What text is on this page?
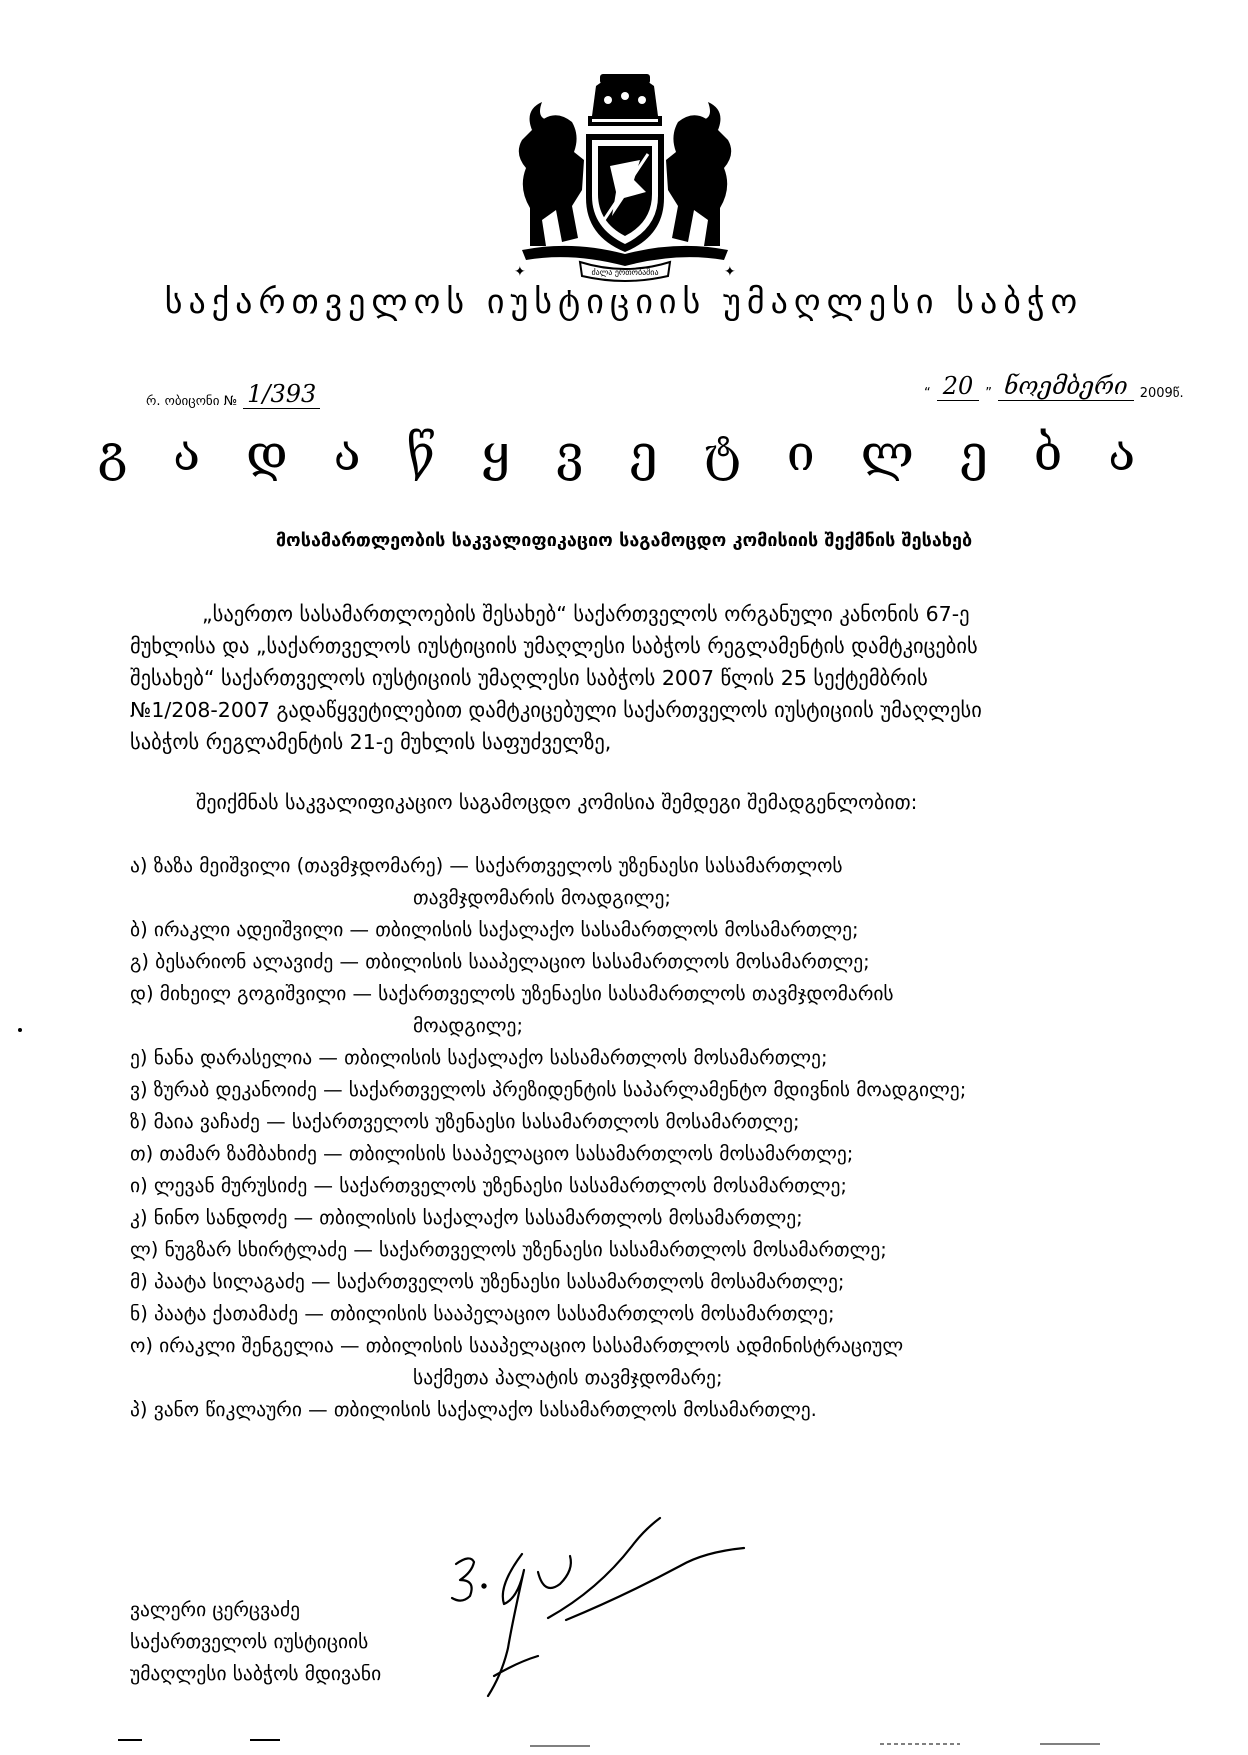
ძალა ერთობაშია
✦	✦
საქართველოს იუსტიციის უმაღლესი საბჭო
რ. ობიცონი № 1/393	“ 20 ” ნოემბერი 2009წ.
გ ა დ ა წ ყ ვ ე ტ ი ლ ე ბ ა
მოსამართლეობის საკვალიფიკაციო საგამოცდო კომისიის შექმნის შესახებ
„საერთო სასამართლოების შესახებ“ საქართველოს ორგანული კანონის 67-ე
მუხლისა და „საქართველოს იუსტიციის უმაღლესი საბჭოს რეგლამენტის დამტკიცების
შესახებ“ საქართველოს იუსტიციის უმაღლესი საბჭოს 2007 წლის 25 სექტემბრის
№1/208-2007 გადაწყვეტილებით დამტკიცებული საქართველოს იუსტიციის უმაღლესი
საბჭოს რეგლამენტის 21-ე მუხლის საფუძველზე,
შეიქმნას საკვალიფიკაციო საგამოცდო კომისია შემდეგი შემადგენლობით:
ა) ზაზა მეიშვილი (თავმჯდომარე) — საქართველოს უზენაესი სასამართლოს
თავმჯდომარის მოადგილე;
ბ) ირაკლი ადეიშვილი — თბილისის საქალაქო სასამართლოს მოსამართლე;
გ) ბესარიონ ალავიძე — თბილისის სააპელაციო სასამართლოს მოსამართლე;
დ) მიხეილ გოგიშვილი — საქართველოს უზენაესი სასამართლოს თავმჯდომარის
მოადგილე;
ე) ნანა დარასელია — თბილისის საქალაქო სასამართლოს მოსამართლე;
ვ) ზურაბ დეკანოიძე — საქართველოს პრეზიდენტის საპარლამენტო მდივნის მოადგილე;
ზ) მაია ვაჩაძე — საქართველოს უზენაესი სასამართლოს მოსამართლე;
თ) თამარ ზამბახიძე — თბილისის სააპელაციო სასამართლოს მოსამართლე;
ი) ლევან მურუსიძე — საქართველოს უზენაესი სასამართლოს მოსამართლე;
კ) ნინო სანდოძე — თბილისის საქალაქო სასამართლოს მოსამართლე;
ლ) ნუგზარ სხირტლაძე — საქართველოს უზენაესი სასამართლოს მოსამართლე;
მ) პაატა სილაგაძე — საქართველოს უზენაესი სასამართლოს მოსამართლე;
ნ) პაატა ქათამაძე — თბილისის სააპელაციო სასამართლოს მოსამართლე;
ო) ირაკლი შენგელია — თბილისის სააპელაციო სასამართლოს ადმინისტრაციულ
საქმეთა პალატის თავმჯდომარე;
პ) ვანო წიკლაური — თბილისის საქალაქო სასამართლოს მოსამართლე.
ვალერი ცერცვაძე
საქართველოს იუსტიციის
უმაღლესი საბჭოს მდივანი
